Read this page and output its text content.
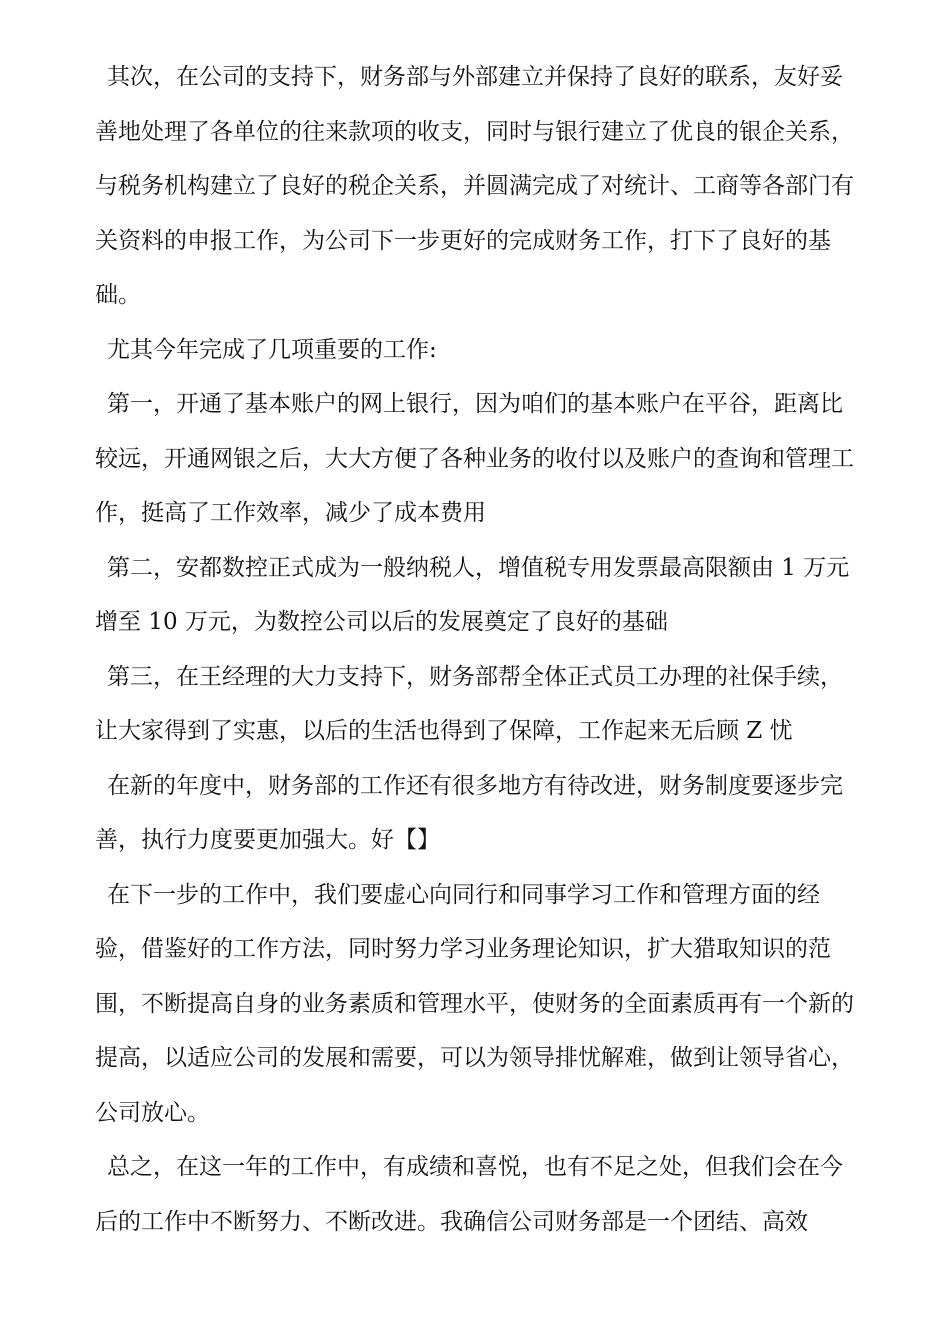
其次，在公司的支持下，财务部与外部建立并保持了良好的联系，友好妥善地处理了各单位的往来款项的收支，同时与银行建立了优良的银企关系，与税务机构建立了良好的税企关系，并圆满完成了对统计、工商等各部门有关资料的申报工作，为公司下一步更好的完成财务工作，打下了良好的基础。

尤其今年完成了几项重要的工作:

第一，开通了基本账户的网上银行，因为咱们的基本账户在平谷，距离比较远，开通网银之后，大大方便了各种业务的收付以及账户的查询和管理工作，挺高了工作效率，减少了成本费用

第二，安都数控正式成为一般纳税人，增值税专用发票最高限额由 1 万元增至 10 万元，为数控公司以后的发展奠定了良好的基础

第三，在王经理的大力支持下，财务部帮全体正式员工办理的社保手续，让大家得到了实惠，以后的生活也得到了保障，工作起来无后顾 Z 忧

在新的年度中，财务部的工作还有很多地方有待改进，财务制度要逐步完善，执行力度要更加强大。好【】

在下一步的工作中，我们要虚心向同行和同事学习工作和管理方面的经验，借鉴好的工作方法，同时努力学习业务理论知识，扩大猎取知识的范围，不断提高自身的业务素质和管理水平，使财务的全面素质再有一个新的提高，以适应公司的发展和需要，可以为领导排忧解难，做到让领导省心，公司放心。

总之，在这一年的工作中，有成绩和喜悦，也有不足之处，但我们会在今后的工作中不断努力、不断改进。我确信公司财务部是一个团结、高效
